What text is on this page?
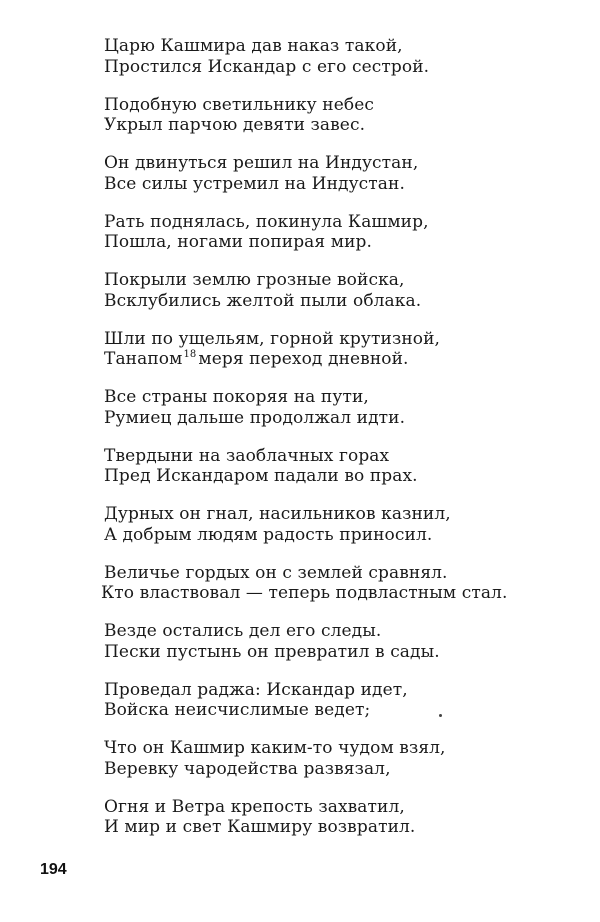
Царю Кашмира дав наказ такой,
Простился Искандар с его сестрой.
Подобную светильнику небес
Укрыл парчою девяти завес.
Он двинуться решил на Индустан,
Все силы устремил на Индустан.
Рать поднялась, покинула Кашмир,
Пошла, ногами попирая мир.
Покрыли землю грозные войска,
Всклубились желтой пыли облака.
Шли по ущельям, горной крутизной,
Танапом$^{18}$ меря переход дневной.
Все страны покоряя на пути,
Румиец дальше продолжал идти.
Твердыни на заоблачных горах
Пред Искандаром падали во прах.
Дурных он гнал, насильников казнил,
А добрым людям радость приносил.
Величье гордых он с землей сравнял.
Кто властвовал — теперь подвластным стал.
Везде остались дел его следы.
Пески пустынь он превратил в сады.
Проведал раджа: Искандар идет,
Войска неисчислимые ведет;
Что он Кашмир каким-то чудом взял,
Веревку чародейства развязал,
Огня и Ветра крепость захватил,
И мир и свет Кашмиру возвратил.
194
